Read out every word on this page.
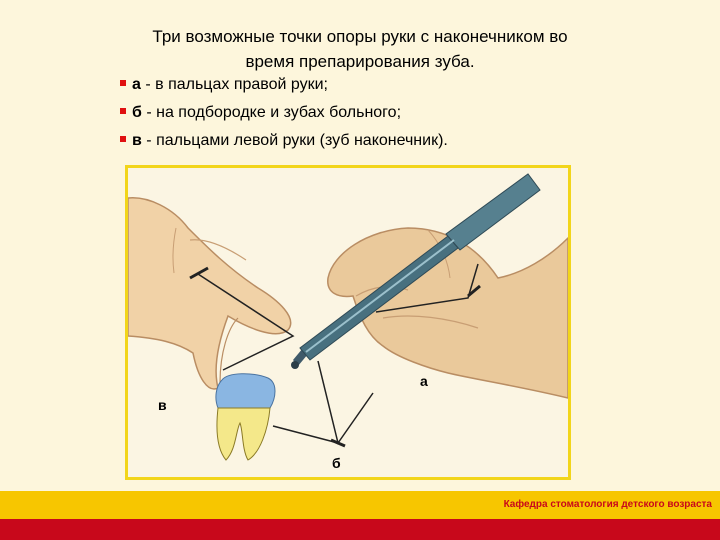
Три возможные точки опоры руки с наконечником во
время препарирования зуба.
а - в пальцах правой руки;
б - на подбородке и зубах больного;
в - пальцами левой руки (зуб наконечник).
а
б
в
Кафедра стоматология детского возраста
